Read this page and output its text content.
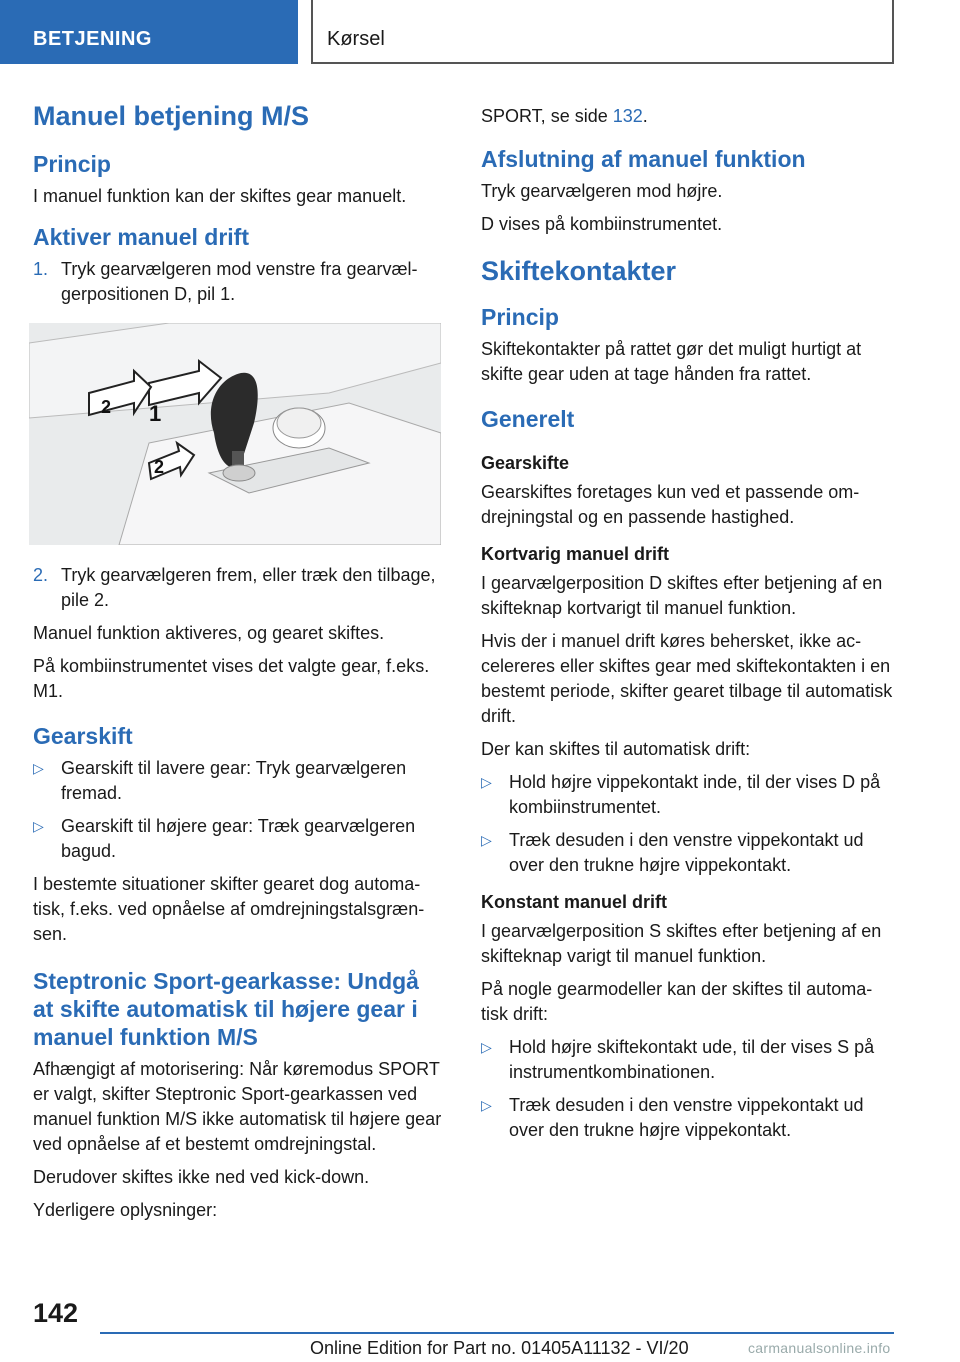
BETJENING	Kørsel
Manuel betjening M/S
Princip

I manuel funktion kan der skiftes gear manuelt.

Aktiver manuel drift
1. Tryk gearvælgeren mod venstre fra gearvælgerpositionen D, pil 1.
2 1
2
2. Tryk gearvælgeren frem, eller træk den tilbage, pile 2.

Manuel funktion aktiveres, og gearet skiftes.

På kombiinstrumentet vises det valgte gear, f.eks. M1.

Gearskift
▷ Gearskift til lavere gear: Tryk gearvælgeren fremad.
▷ Gearskift til højere gear: Træk gearvælgeren bagud.

I bestemte situationer skifter gearet dog automatisk, f.eks. ved opnåelse af omdrejningstalsgrænsen.

Steptronic Sport-gearkasse: Undgå at skifte automatisk til højere gear i manuel funktion M/S

Afhængigt af motorisering: Når køremodus SPORT er valgt, skifter Steptronic Sport-gearkassen ved manuel funktion M/S ikke automatisk til højere gear ved opnåelse af et bestemt omdrejningstal.

Derudover skiftes ikke ned ved kick-down.

Yderligere oplysninger:

SPORT, se side 132.

Afslutning af manuel funktion

Tryk gearvælgeren mod højre.

D vises på kombiinstrumentet.

Skiftekontakter
Princip

Skiftekontakter på rattet gør det muligt hurtigt at skifte gear uden at tage hånden fra rattet.

Generelt
Gearskifte

Gearskiftes foretages kun ved et passende omdrejningstal og en passende hastighed.

Kortvarig manuel drift

I gearvælgerposition D skiftes efter betjening af en skifteknap kortvarigt til manuel funktion.

Hvis der i manuel drift køres behersket, ikke accelereres eller skiftes gear med skiftekontakten i en bestemt periode, skifter gearet tilbage til automatisk drift.

Der kan skiftes til automatisk drift:

▷ Hold højre vippekontakt inde, til der vises D på kombiinstrumentet.
▷ Træk desuden i den venstre vippekontakt ud over den trukne højre vippekontakt.
Konstant manuel drift

I gearvælgerposition S skiftes efter betjening af en skifteknap varigt til manuel funktion.

På nogle gearmodeller kan der skiftes til automatisk drift:

▷ Hold højre skiftekontakt ude, til der vises S på instrumentkombinationen.
▷ Træk desuden i den venstre vippekontakt ud over den trukne højre vippekontakt.
142
Online Edition for Part no. 01405A11132 - VI/20	carmanualsonline.info
